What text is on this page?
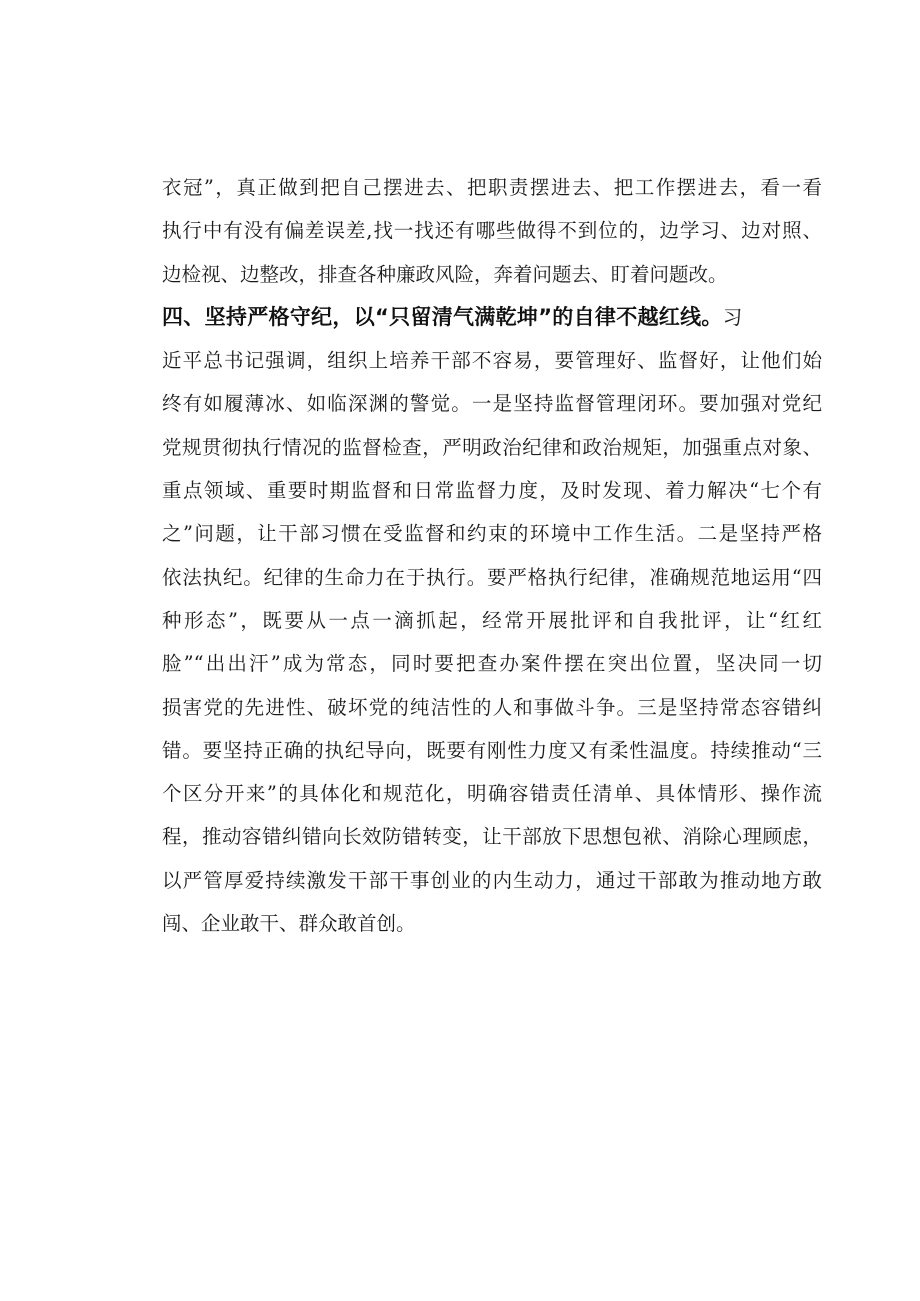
衣冠”，真正做到把自己摆进去、把职责摆进去、把工作摆进去，看一看
执行中有没有偏差误差,找一找还有哪些做得不到位的，边学习、边对照、
边检视、边整改，排查各种廉政风险，奔着问题去、盯着问题改。
四、坚持严格守纪，以“只留清气满乾坤”的自律不越红线。习
近平总书记强调，组织上培养干部不容易，要管理好、监督好，让他们始
终有如履薄冰、如临深渊的警觉。一是坚持监督管理闭环。要加强对党纪
党规贯彻执行情况的监督检查，严明政治纪律和政治规矩，加强重点对象、
重点领域、重要时期监督和日常监督力度，及时发现、着力解决“七个有
之”问题，让干部习惯在受监督和约束的环境中工作生活。二是坚持严格
依法执纪。纪律的生命力在于执行。要严格执行纪律，准确规范地运用“四
种形态”，既要从一点一滴抓起，经常开展批评和自我批评，让“红红
脸”“出出汗”成为常态，同时要把查办案件摆在突出位置，坚决同一切
损害党的先进性、破坏党的纯洁性的人和事做斗争。三是坚持常态容错纠
错。要坚持正确的执纪导向，既要有刚性力度又有柔性温度。持续推动“三
个区分开来”的具体化和规范化，明确容错责任清单、具体情形、操作流
程，推动容错纠错向长效防错转变，让干部放下思想包袱、消除心理顾虑，
以严管厚爱持续激发干部干事创业的内生动力，通过干部敢为推动地方敢
闯、企业敢干、群众敢首创。
